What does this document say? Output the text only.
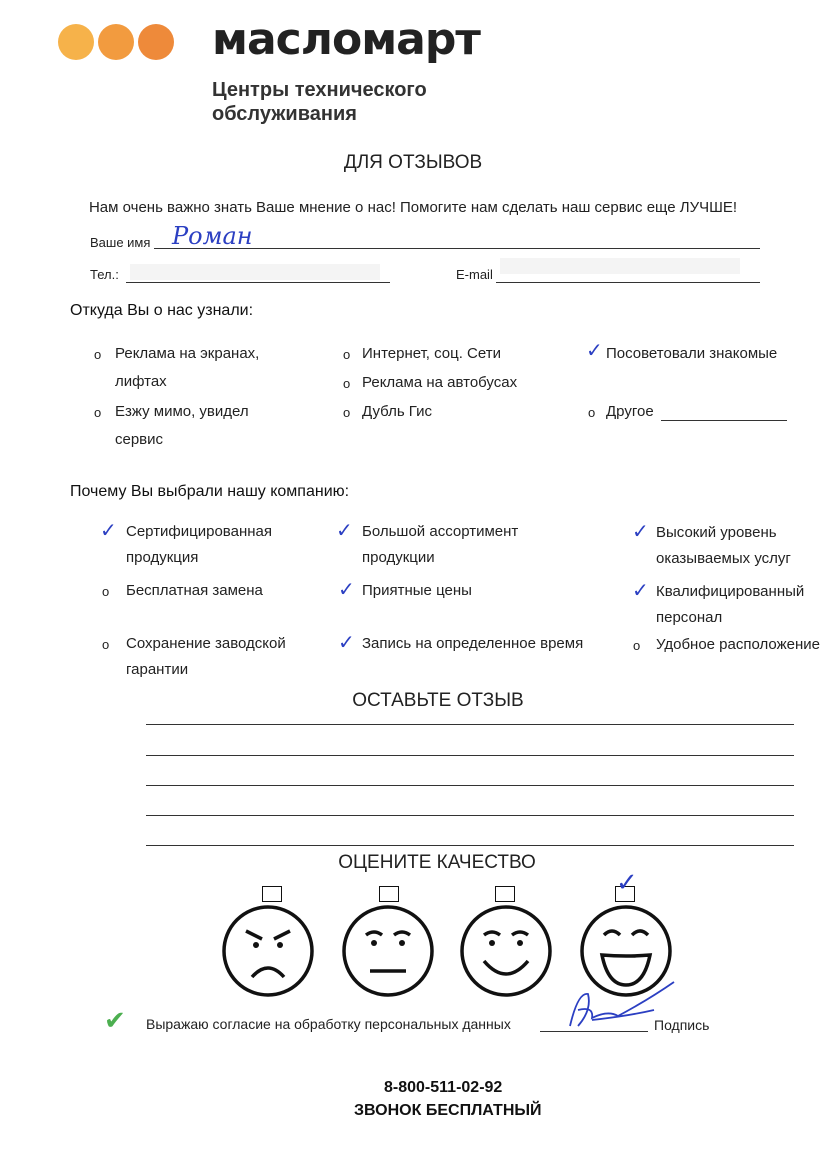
масломарт
Центры технического обслуживания
ДЛЯ ОТЗЫВОВ
Нам очень важно знать Ваше мнение о нас! Помогите нам сделать наш сервис еще ЛУЧШЕ!
Ваше имя Роман
Тел.:	E-mail
Откуда Вы о нас узнали:
o Реклама на экранах,
лифтах
o Езжу мимо, увидел
сервис
o Интернет, соц. Сети
o Реклама на автобусах
o Дубль Гис
✓ Посоветовали знакомые
o Другое
Почему Вы выбрали нашу компанию:
✓ Сертифицированная
продукция
o Бесплатная замена
o Сохранение заводской
гарантии
✓ Большой ассортимент
продукции
✓ Приятные цены
✓ Запись на определенное время
✓ Высокий уровень
оказываемых услуг
✓ Квалифицированный
персонал
o Удобное расположение
ОСТАВЬТЕ ОТЗЫВ
ОЦЕНИТЕ КАЧЕСТВО
✓
✔ Выражаю согласие на обработку персональных данных	Подпись
8-800-511-02-92
ЗВОНОК БЕСПЛАТНЫЙ
